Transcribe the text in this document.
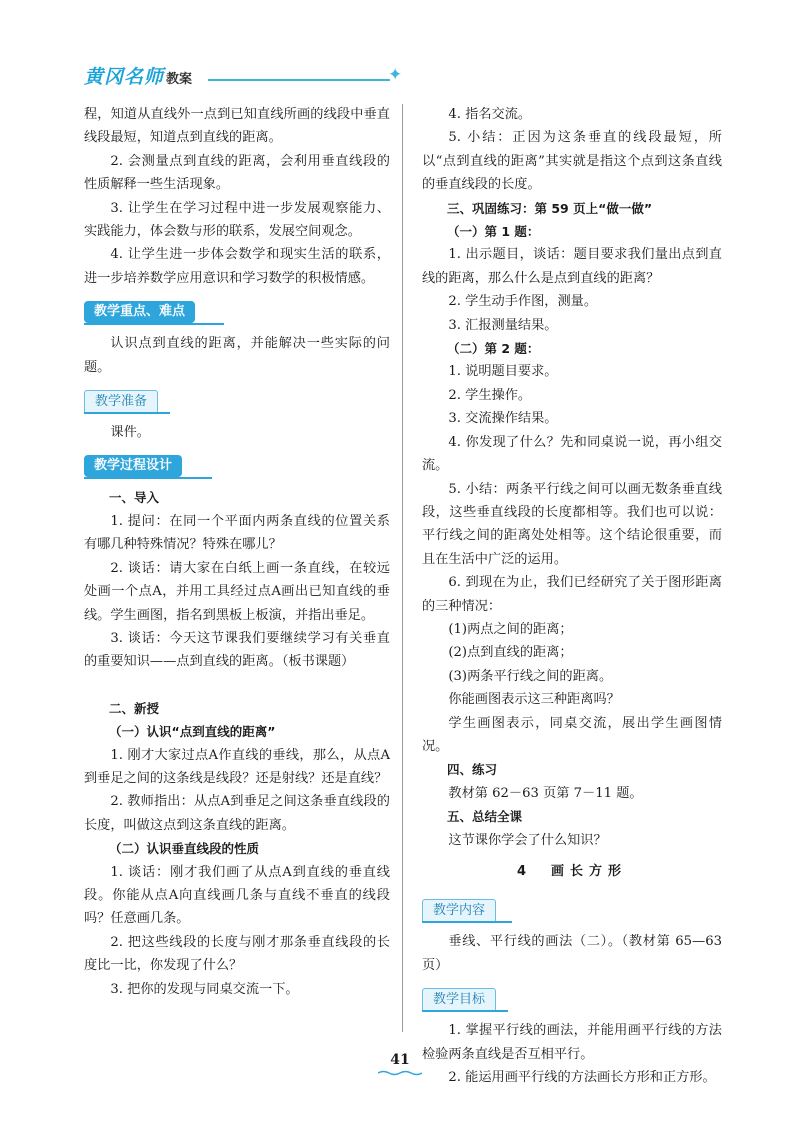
黄冈名师 教案	✦

程，知道从直线外一点到已知直线所画的线段中垂直线段最短，知道点到直线的距离。

2. 会测量点到直线的距离，会利用垂直线段的性质解释一些生活现象。

3. 让学生在学习过程中进一步发展观察能力、实践能力，体会数与形的联系，发展空间观念。

4. 让学生进一步体会数学和现实生活的联系，进一步培养数学应用意识和学习数学的积极情感。

教学重点、难点

认识点到直线的距离，并能解决一些实际的问题。

教学准备

课件。

教学过程设计

一、导入

1. 提问：在同一个平面内两条直线的位置关系有哪几种特殊情况？特殊在哪儿？

2. 谈话：请大家在白纸上画一条直线，在较远处画一个点A，并用工具经过点A画出已知直线的垂线。学生画图，指名到黑板上板演，并指出垂足。

3. 谈话：今天这节课我们要继续学习有关垂直的重要知识——点到直线的距离。（板书课题）

二、新授

（一）认识“点到直线的距离”

1. 刚才大家过点A作直线的垂线，那么，从点A到垂足之间的这条线是线段？还是射线？还是直线？

2. 教师指出：从点A到垂足之间这条垂直线段的长度，叫做这点到这条直线的距离。

（二）认识垂直线段的性质

1. 谈话：刚才我们画了从点A到直线的垂直线段。你能从点A向直线画几条与直线不垂直的线段吗？任意画几条。

2. 把这些线段的长度与刚才那条垂直线段的长度比一比，你发现了什么？

3. 把你的发现与同桌交流一下。

4. 指名交流。

5. 小结：正因为这条垂直的线段最短，所以“点到直线的距离”其实就是指这个点到这条直线的垂直线段的长度。

三、巩固练习：第 59 页上“做一做”

（一）第 1 题：

1. 出示题目，谈话：题目要求我们量出点到直线的距离，那么什么是点到直线的距离？

2. 学生动手作图，测量。

3. 汇报测量结果。

（二）第 2 题：

1. 说明题目要求。

2. 学生操作。

3. 交流操作结果。

4. 你发现了什么？先和同桌说一说，再小组交流。

5. 小结：两条平行线之间可以画无数条垂直线段，这些垂直线段的长度都相等。我们也可以说：平行线之间的距离处处相等。这个结论很重要，而且在生活中广泛的运用。

6. 到现在为止，我们已经研究了关于图形距离的三种情况：

(1)两点之间的距离；

(2)点到直线的距离；

(3)两条平行线之间的距离。

你能画图表示这三种距离吗？

学生画图表示，同桌交流，展出学生画图情况。

四、练习

教材第 62－63 页第 7－11 题。

五、总结全课

这节课你学会了什么知识？

4　画长方形
教学内容

垂线、平行线的画法（二）。（教材第 65—63 页）

教学目标

1. 掌握平行线的画法，并能用画平行线的方法检验两条直线是否互相平行。

2. 能运用画平行线的方法画长方形和正方形。

41
